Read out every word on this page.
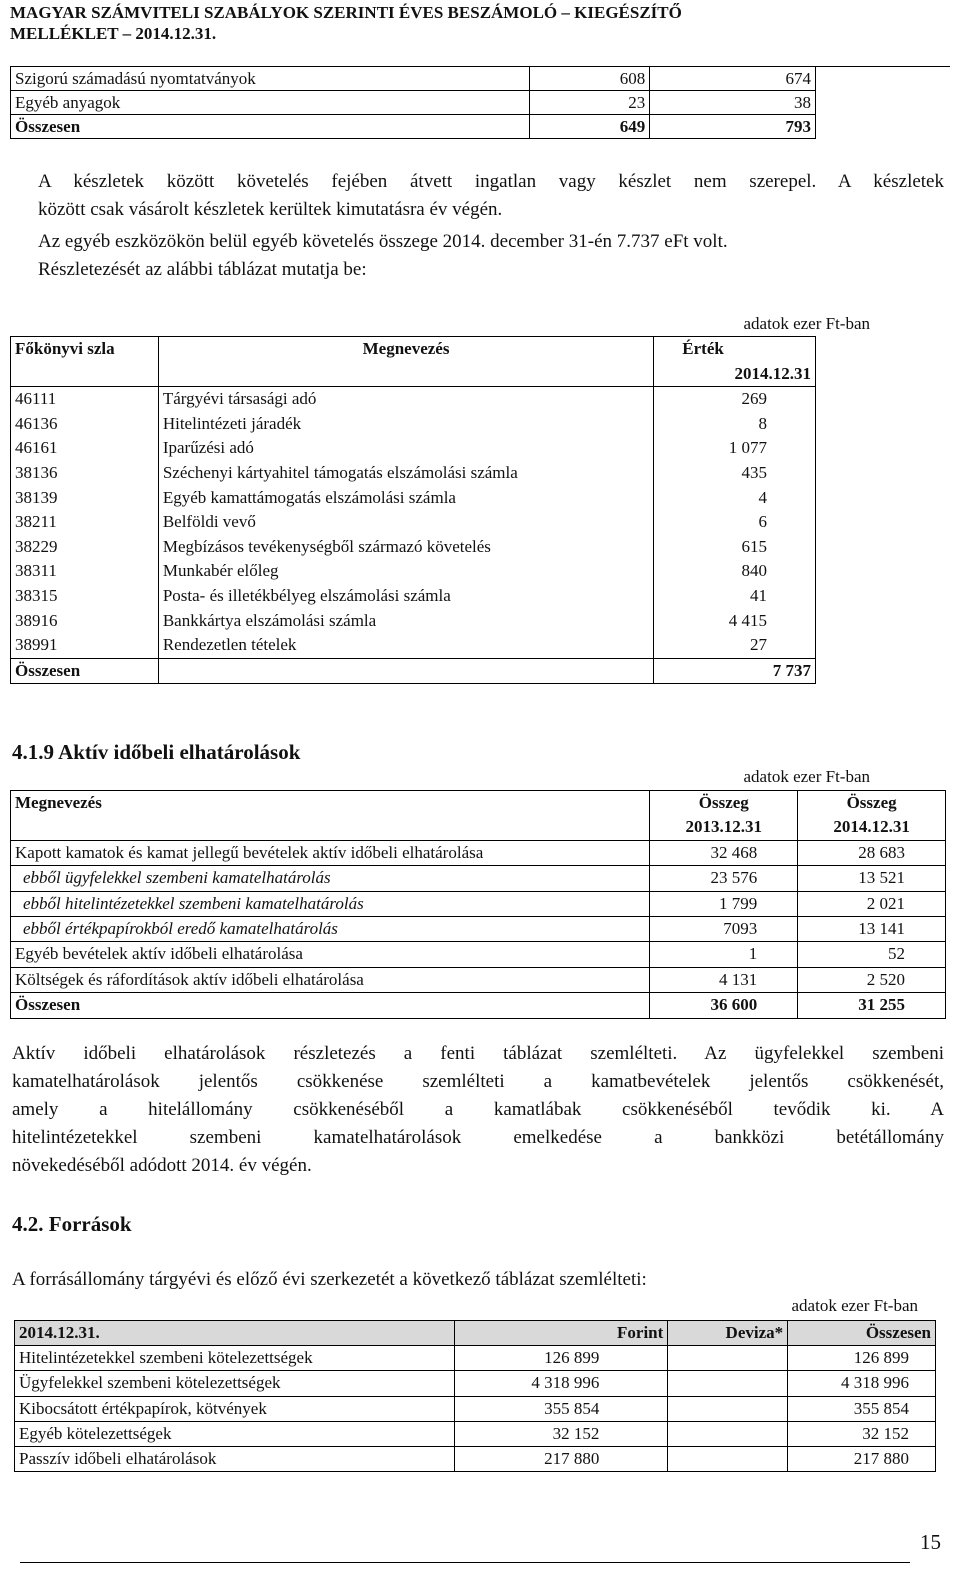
MAGYAR SZÁMVITELI SZABÁLYOK SZERINTI ÉVES BESZÁMOLÓ – KIEGÉSZÍTŐ
MELLÉKLET – 2014.12.31.
Szigorú számadású nyomtatványok	608	674
Egyéb anyagok	23	38
Összesen	649	793

A készletek között követelés fejében átvett ingatlan vagy készlet nem szerepel. A készletek

között csak vásárolt készletek kerültek kimutatásra év végén.

Az egyéb eszközökön belül egyéb követelés összege 2014. december 31-én 7.737 eFt volt.

Részletezését az alábbi táblázat mutatja be:

adatok ezer Ft-ban
Főkönyvi szla	Megnevezés	Érték
		2014.12.31
46111	Tárgyévi társasági adó	269
46136	Hitelintézeti járadék	8
46161	Iparűzési adó	1 077
38136	Széchenyi kártyahitel támogatás elszámolási számla	435
38139	Egyéb kamattámogatás elszámolási számla	4
38211	Belföldi vevő	6
38229	Megbízásos tevékenységből származó követelés	615
38311	Munkabér előleg	840
38315	Posta- és illetékbélyeg elszámolási számla	41
38916	Bankkártya elszámolási számla	4 415
38991	Rendezetlen tételek	27
Összesen		7 737
4.1.9 Aktív időbeli elhatárolások
adatok ezer Ft-ban
Megnevezés	Összeg	Összeg
	2013.12.31	2014.12.31
Kapott kamatok és kamat jellegű bevételek aktív időbeli elhatárolása	32 468	28 683
ebből ügyfelekkel szembeni kamatelhatárolás	23 576	13 521
ebből hitelintézetekkel szembeni kamatelhatárolás	1 799	2 021
ebből értékpapírokból eredő kamatelhatárolás	7093	13 141
Egyéb bevételek aktív időbeli elhatárolása	1	52
Költségek és ráfordítások aktív időbeli elhatárolása	4 131	2 520
Összesen	36 600	31 255

Aktív időbeli elhatárolások részletezés a fenti táblázat szemlélteti. Az ügyfelekkel szembeni

kamatelhatárolások jelentős csökkenése szemlélteti a kamatbevételek jelentős csökkenését,

amely a hitelállomány csökkenéséből a kamatlábak csökkenéséből tevődik ki. A

hitelintézetekkel szembeni kamatelhatárolások emelkedése a bankközi betétállomány

növekedéséből adódott 2014. év végén.

4.2. Források

A forrásállomány tárgyévi és előző évi szerkezetét a következő táblázat szemlélteti:

adatok ezer Ft-ban
2014.12.31.	Forint	Deviza*	Összesen
Hitelintézetekkel szembeni kötelezettségek	126 899		126 899
Ügyfelekkel szembeni kötelezettségek	4 318 996		4 318 996
Kibocsátott értékpapírok, kötvények	355 854		355 854
Egyéb kötelezettségek	32 152		32 152
Passzív időbeli elhatárolások	217 880		217 880
15
